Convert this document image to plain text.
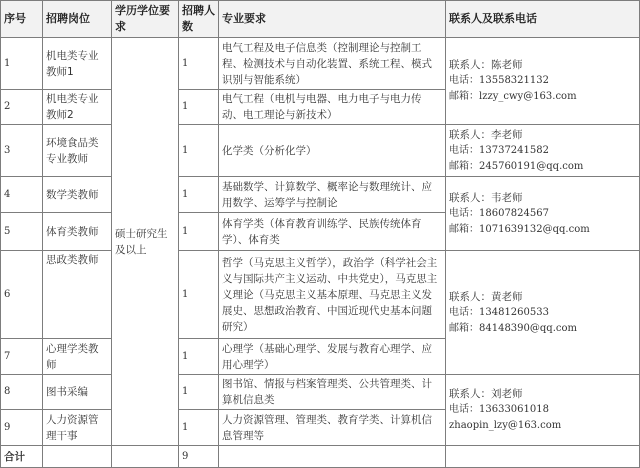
序号	招聘岗位	学历学位要求	招聘人数	专业要求	联系人及联系电话
1	机电类专业教师1	硕士研究生及以上	1	电气工程及电子信息类（控制理论与控制工程、检测技术与自动化装置、系统工程、模式识别与智能系统）	联系人：陈老师
电话：13558321132
邮箱：lzzy_cwy@163.com

2	机电类专业教师2		1	电气工程（电机与电器、电力电子与电力传动、电工理论与新技术）	
3	环境食品类专业教师		1	化学类（分析化学）	联系人：李老师
电话：13737241582
邮箱：245760191@qq.com

4	数学类教师		1	基础数学、计算数学、概率论与数理统计、应用数学、运筹学与控制论	联系人：韦老师
电话：18607824567
邮箱：1071639132@qq.com

5	体育类教师		1	体育学类（体育教育训练学、民族传统体育学）、体育类	
6	思政类教师		1	哲学（马克思主义哲学），政治学（科学社会主义与国际共产主义运动、中共党史），马克思主义理论（马克思主义基本原理、马克思主义发展史、思想政治教育、中国近现代史基本问题研究）	联系人：黄老师
电话：13481260533
邮箱：84148390@qq.com

7	心理学类教师		1	心理学（基础心理学、发展与教育心理学、应用心理学）	
8	图书采编		1	图书馆、情报与档案管理类、公共管理类、计算机信息类	联系人：刘老师
电话：13633061018
zhaopin_lzy@163.com

9	人力资源管理干事		1	人力资源管理、管理类、教育学类、计算机信息管理等	
合计			9		
